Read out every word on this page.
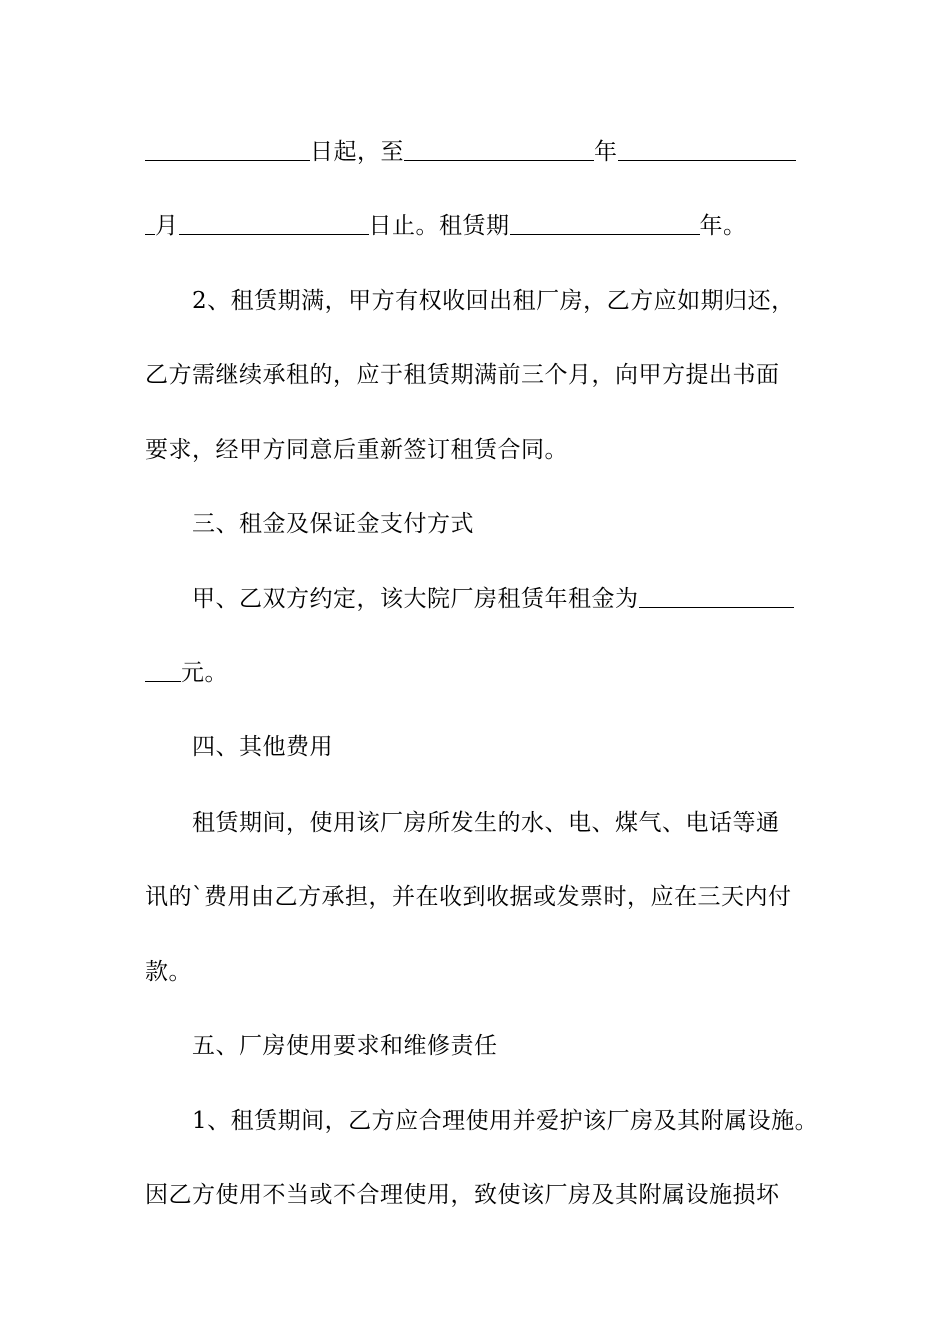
日起，至	年
月	日止。租赁期	年。
2、租赁期满，甲方有权收回出租厂房，乙方应如期归还，
乙方需继续承租的，应于租赁期满前三个月，向甲方提出书面
要求，经甲方同意后重新签订租赁合同。
三、租金及保证金支付方式
甲、乙双方约定，该大院厂房租赁年租金为
元。
四、其他费用
租赁期间，使用该厂房所发生的水、电、煤气、电话等通
讯的`费用由乙方承担，并在收到收据或发票时，应在三天内付
款。
五、厂房使用要求和维修责任
1、租赁期间，乙方应合理使用并爱护该厂房及其附属设施。
因乙方使用不当或不合理使用，致使该厂房及其附属设施损坏
